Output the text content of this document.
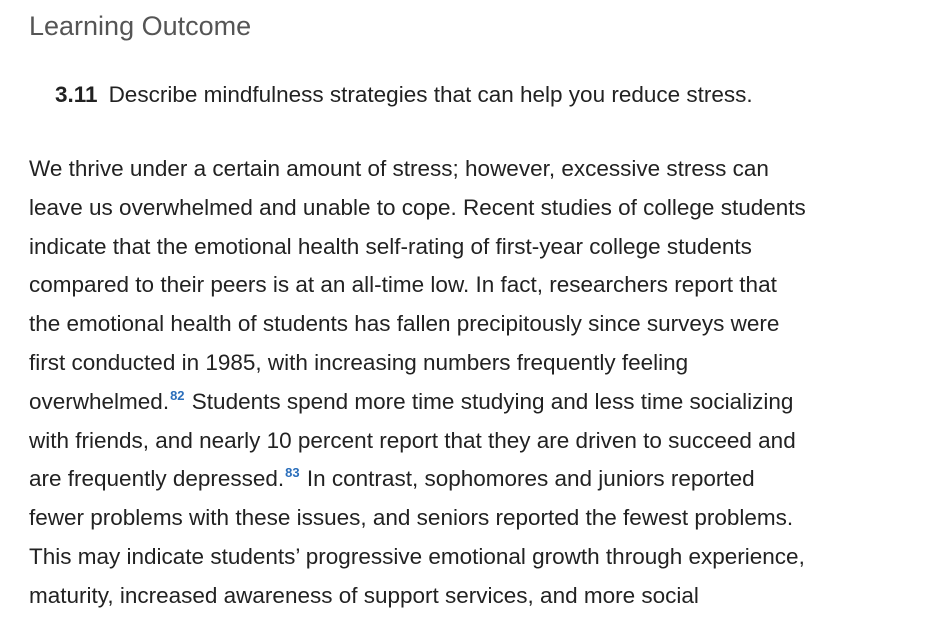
Learning Outcome
3.11 Describe mindfulness strategies that can help you reduce stress.

We thrive under a certain amount of stress; however, excessive stress can
leave us overwhelmed and unable to cope. Recent studies of college students
indicate that the emotional health self-rating of first-year college students
compared to their peers is at an all-time low. In fact, researchers report that
the emotional health of students has fallen precipitously since surveys were
first conducted in 1985, with increasing numbers frequently feeling
overwhelmed.$^{82}$ Students spend more time studying and less time socializing
with friends, and nearly 10 percent report that they are driven to succeed and
are frequently depressed.$^{83}$ In contrast, sophomores and juniors reported
fewer problems with these issues, and seniors reported the fewest problems.
This may indicate students’ progressive emotional growth through experience,
maturity, increased awareness of support services, and more social
